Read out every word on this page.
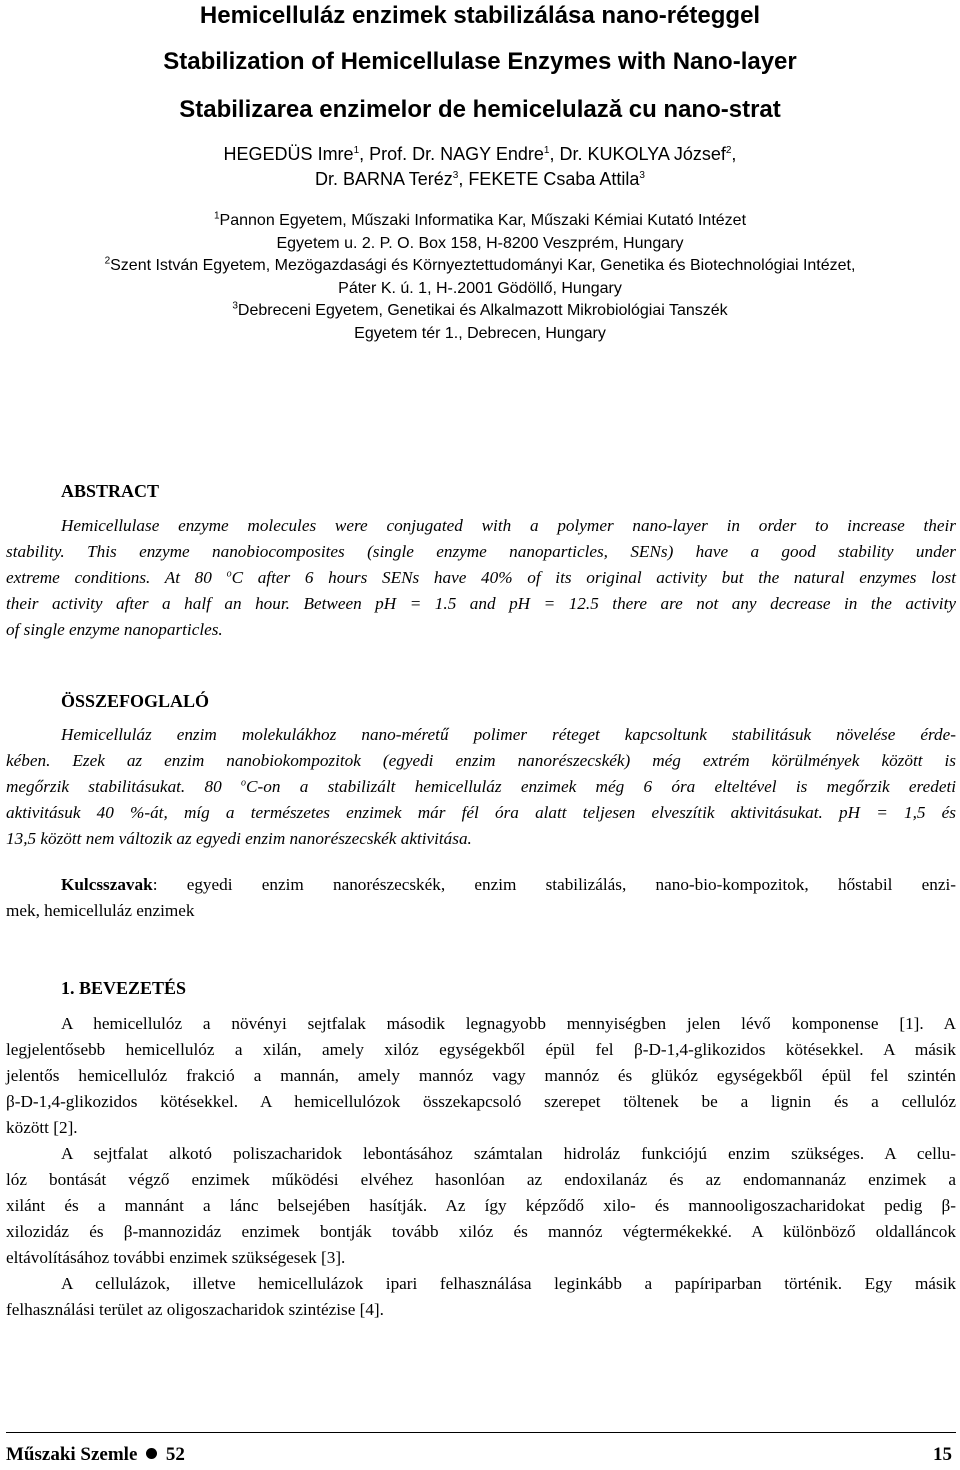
Hemicelluláz enzimek stabilizálása nano-réteggel
Stabilization of Hemicellulase Enzymes with Nano-layer
Stabilizarea enzimelor de hemicelulază cu nano-strat
HEGEDÜS Imre$^1$, Prof. Dr. NAGY Endre$^1$, Dr. KUKOLYA József$^2$,
Dr. BARNA Teréz$^3$, FEKETE Csaba Attila$^3$
$^1$Pannon Egyetem, Műszaki Informatika Kar, Műszaki Kémiai Kutató Intézet
Egyetem u. 2. P. O. Box 158, H-8200 Veszprém, Hungary
$^2$Szent István Egyetem, Mezögazdasági és Környeztettudományi Kar, Genetika és Biotechnológiai Intézet,
Páter K. ú. 1, H-.2001 Gödöllő, Hungary
$^3$Debreceni Egyetem, Genetikai és Alkalmazott Mikrobiológiai Tanszék
Egyetem tér 1., Debrecen, Hungary
ABSTRACT
Hemicellulase enzyme molecules were conjugated with a polymer nano-layer in order to increase their
stability. This enzyme nanobiocomposites (single enzyme nanoparticles, SENs) have a good stability under
extreme conditions. At 80 $^o$C after 6 hours SENs have 40% of its original activity but the natural enzymes lost
their activity after a half an hour. Between pH = 1.5 and pH = 12.5 there are not any decrease in the activity
of single enzyme nanoparticles.
ÖSSZEFOGLALÓ
Hemicelluláz enzim molekulákhoz nano-méretű polimer réteget kapcsoltunk stabilitásuk növelése érde-
kében. Ezek az enzim nanobiokompozitok (egyedi enzim nanorészecskék) még extrém körülmények között is
megőrzik stabilitásukat. 80 $^o$C-on a stabilizált hemicelluláz enzimek még 6 óra elteltével is megőrzik eredeti
aktivitásuk 40 %-át, míg a természetes enzimek már fél óra alatt teljesen elveszítik aktivitásukat. pH = 1,5 és
13,5 között nem változik az egyedi enzim nanorészecskék aktivitása.
Kulcsszavak: egyedi enzim nanorészecskék, enzim stabilizálás, nano-bio-kompozitok, hőstabil enzi-
mek, hemicelluláz enzimek
1. BEVEZETÉS
A hemicellulóz a növényi sejtfalak második legnagyobb mennyiségben jelen lévő komponense [1]. A
legjelentősebb hemicellulóz a xilán, amely xilóz egységekből épül fel β-D-1,4-glikozidos kötésekkel. A másik
jelentős hemicellulóz frakció a mannán, amely mannóz vagy mannóz és glükóz egységekből épül fel szintén
β-D-1,4-glikozidos kötésekkel. A hemicellulózok összekapcsoló szerepet töltenek be a lignin és a cellulóz
között [2].
A sejtfalat alkotó poliszacharidok lebontásához számtalan hidroláz funkciójú enzim szükséges. A cellu-
lóz bontását végző enzimek működési elvéhez hasonlóan az endoxilanáz és az endomannanáz enzimek a
xilánt és a mannánt a lánc belsejében hasítják. Az így képződő xilo- és mannooligoszacharidokat pedig β-
xilozidáz és β-mannozidáz enzimek bontják tovább xilóz és mannóz végtermékekké. A különböző oldalláncok
eltávolításához további enzimek szükségesek [3].
A cellulázok, illetve hemicellulázok ipari felhasználása leginkább a papíriparban történik. Egy másik
felhasználási terület az oligoszacharidok szintézise [4].
Műszaki Szemle 52	15
